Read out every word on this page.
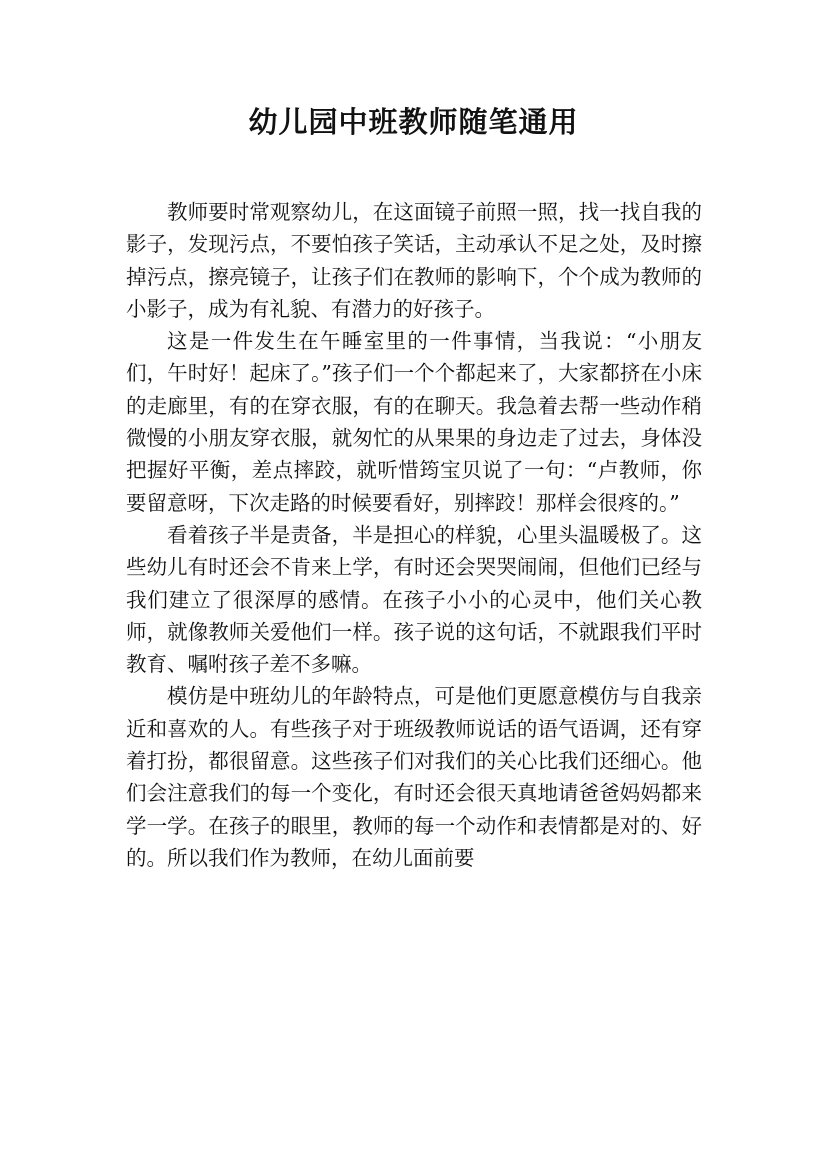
幼儿园中班教师随笔通用

教师要时常观察幼儿，在这面镜子前照一照，找一找自我的影子，发现污点，不要怕孩子笑话，主动承认不足之处，及时擦掉污点，擦亮镜子，让孩子们在教师的影响下，个个成为教师的小影子，成为有礼貌、有潜力的好孩子。

这是一件发生在午睡室里的一件事情，当我说：“小朋友们，午时好！起床了。”孩子们一个个都起来了，大家都挤在小床的走廊里，有的在穿衣服，有的在聊天。我急着去帮一些动作稍微慢的小朋友穿衣服，就匆忙的从果果的身边走了过去，身体没把握好平衡，差点摔跤，就听惜筠宝贝说了一句：“卢教师，你要留意呀，下次走路的时候要看好，别摔跤！那样会很疼的。”

看着孩子半是责备，半是担心的样貌，心里头温暖极了。这些幼儿有时还会不肯来上学，有时还会哭哭闹闹，但他们已经与我们建立了很深厚的感情。在孩子小小的心灵中，他们关心教师，就像教师关爱他们一样。孩子说的这句话，不就跟我们平时教育、嘱咐孩子差不多嘛。

模仿是中班幼儿的年龄特点，可是他们更愿意模仿与自我亲近和喜欢的人。有些孩子对于班级教师说话的语气语调，还有穿着打扮，都很留意。这些孩子们对我们的关心比我们还细心。他们会注意我们的每一个变化，有时还会很天真地请爸爸妈妈都来学一学。在孩子的眼里，教师的每一个动作和表情都是对的、好的。所以我们作为教师，在幼儿面前要
